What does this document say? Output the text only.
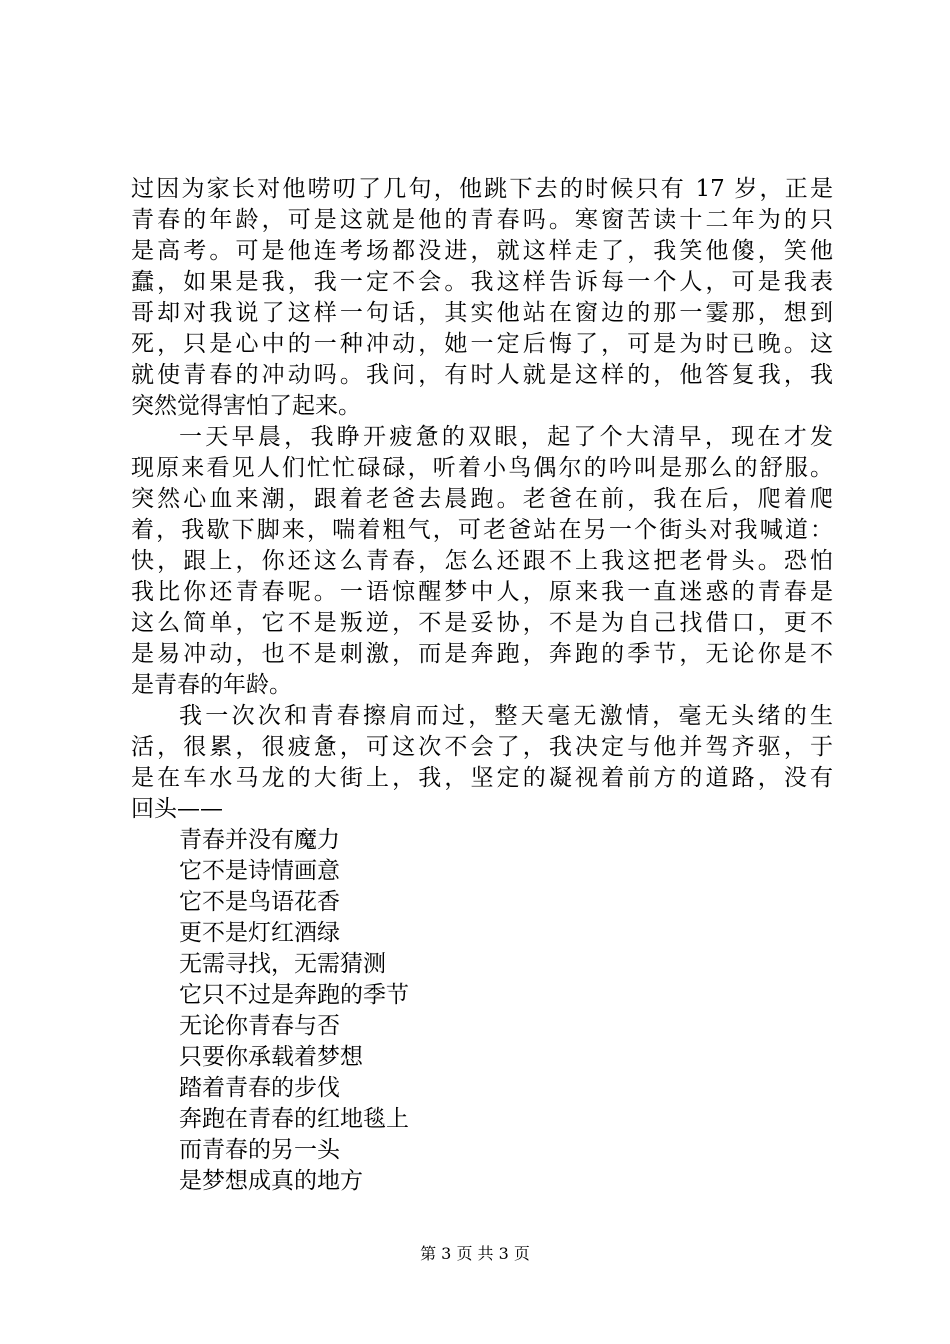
过因为家长对他唠叨了几句，他跳下去的时候只有 17 岁，正是
青春的年龄，可是这就是他的青春吗。寒窗苦读十二年为的只
是高考。可是他连考场都没进，就这样走了，我笑他傻，笑他
蠢，如果是我，我一定不会。我这样告诉每一个人，可是我表
哥却对我说了这样一句话，其实他站在窗边的那一霎那，想到
死，只是心中的一种冲动，她一定后悔了，可是为时已晚。这
就使青春的冲动吗。我问，有时人就是这样的，他答复我，我
突然觉得害怕了起来。
一天早晨，我睁开疲惫的双眼，起了个大清早，现在才发
现原来看见人们忙忙碌碌，听着小鸟偶尔的吟叫是那么的舒服。
突然心血来潮，跟着老爸去晨跑。老爸在前，我在后，爬着爬
着，我歇下脚来，喘着粗气，可老爸站在另一个街头对我喊道：
快，跟上，你还这么青春，怎么还跟不上我这把老骨头。恐怕
我比你还青春呢。一语惊醒梦中人，原来我一直迷惑的青春是
这么简单，它不是叛逆，不是妥协，不是为自己找借口，更不
是易冲动，也不是刺激，而是奔跑，奔跑的季节，无论你是不
是青春的年龄。
我一次次和青春擦肩而过，整天毫无激情，毫无头绪的生
活，很累，很疲惫，可这次不会了，我决定与他并驾齐驱，于
是在车水马龙的大街上，我，坚定的凝视着前方的道路，没有
回头——
青春并没有魔力
它不是诗情画意
它不是鸟语花香
更不是灯红酒绿
无需寻找，无需猜测
它只不过是奔跑的季节
无论你青春与否
只要你承载着梦想
踏着青春的步伐
奔跑在青春的红地毯上
而青春的另一头
是梦想成真的地方
第 3 页 共 3 页
